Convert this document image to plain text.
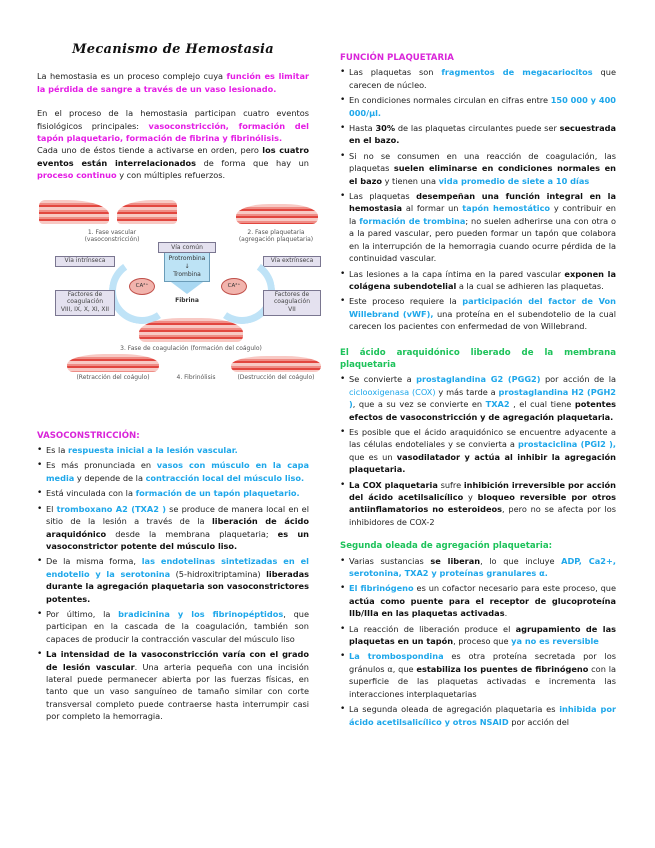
Mecanismo de Hemostasia

La hemostasia es un proceso complejo cuya función es limitar la pérdida de sangre a través de un vaso lesionado.

En el proceso de la hemostasia participan cuatro eventos fisiológicos principales: vasoconstricción, formación del tapón plaquetario, formación de fibrina y fibrinólisis.

Cada uno de éstos tiende a activarse en orden, pero los cuatro eventos están interrelacionados de forma que hay un proceso continuo y con múltiples refuerzos.

1. Fase vascular
(vasoconstricción)
2. Fase plaquetaria
(agregación plaquetaria)
Vía común
Protrombina
↓
Trombina
Fibrina
Vía intrínseca	Vía extrínseca
CA²⁺	CA²⁺
Factores de
coagulación
VIII, IX, X, XI, XII
Factores de
coagulación
VII
3. Fase de coagulación (formación del coágulo)
(Retracción del coágulo)	4. Fibrinólisis	(Destrucción del coágulo)
VASOCONSTRICCIÓN:
• Es la respuesta inicial a la lesión vascular.
• Es más pronunciada en vasos con músculo en la capa media y depende de la contracción local del músculo liso.
• Está vinculada con la formación de un tapón plaquetario.
• El tromboxano A2 (TXA2 ) se produce de manera local en el sitio de la lesión a través de la liberación de ácido araquidónico desde la membrana plaquetaria; es un vasoconstrictor potente del músculo liso.
• De la misma forma, las endotelinas sintetizadas en el endotelio y la serotonina (5-hidroxitriptamina) liberadas durante la agregación plaquetaria son vasoconstrictores potentes.
• Por último, la bradicinina y los fibrinopéptidos, que participan en la cascada de la coagulación, también son capaces de producir la contracción vascular del músculo liso
• La intensidad de la vasoconstricción varía con el grado de lesión vascular. Una arteria pequeña con una incisión lateral puede permanecer abierta por las fuerzas físicas, en tanto que un vaso sanguíneo de tamaño similar con corte transversal completo puede contraerse hasta interrumpir casi por completo la hemorragia.
FUNCIÓN PLAQUETARIA
• Las plaquetas son fragmentos de megacariocitos que carecen de núcleo.
• En condiciones normales circulan en cifras entre 150 000 y 400 000/µl.
• Hasta 30% de las plaquetas circulantes puede ser secuestrada en el bazo.
• Si no se consumen en una reacción de coagulación, las plaquetas suelen eliminarse en condiciones normales en el bazo y tienen una vida promedio de siete a 10 días
• Las plaquetas desempeñan una función integral en la hemostasia al formar un tapón hemostático y contribuir en la formación de trombina; no suelen adherirse una con otra o a la pared vascular, pero pueden formar un tapón que colabora en la interrupción de la hemorragia cuando ocurre pérdida de la continuidad vascular.
• Las lesiones a la capa íntima en la pared vascular exponen la colágena subendotelial a la cual se adhieren las plaquetas.
• Este proceso requiere la participación del factor de Von Willebrand (vWF), una proteína en el subendotelio de la cual carecen los pacientes con enfermedad de von Willebrand.
El ácido araquidónico liberado de la membrana plaquetaria
• Se convierte a prostaglandina G2 (PGG2) por acción de la ciclooxigenasa (COX) y más tarde a prostaglandina H2 (PGH2 ), que a su vez se convierte en TXA2 , el cual tiene potentes efectos de vasoconstricción y de agregación plaquetaria.
• Es posible que el ácido araquidónico se encuentre adyacente a las células endoteliales y se convierta a prostaciclina (PGI2 ), que es un vasodilatador y actúa al inhibir la agregación plaquetaria.
• La COX plaquetaria sufre inhibición irreversible por acción del ácido acetilsalicílico y bloqueo reversible por otros antiinflamatorios no esteroideos, pero no se afecta por los inhibidores de COX-2
Segunda oleada de agregación plaquetaria:
• Varias sustancias se liberan, lo que incluye ADP, Ca2+, serotonina, TXA2 y proteínas granulares α.
• El fibrinógeno es un cofactor necesario para este proceso, que actúa como puente para el receptor de glucoproteína IIb/IIIa en las plaquetas activadas.
• La reacción de liberación produce el agrupamiento de las plaquetas en un tapón, proceso que ya no es reversible
• La trombospondina es otra proteína secretada por los gránulos α, que estabiliza los puentes de fibrinógeno con la superficie de las plaquetas activadas e incrementa las interacciones interplaquetarias
• La segunda oleada de agregación plaquetaria es inhibida por ácido acetilsalicílico y otros NSAID por acción del
